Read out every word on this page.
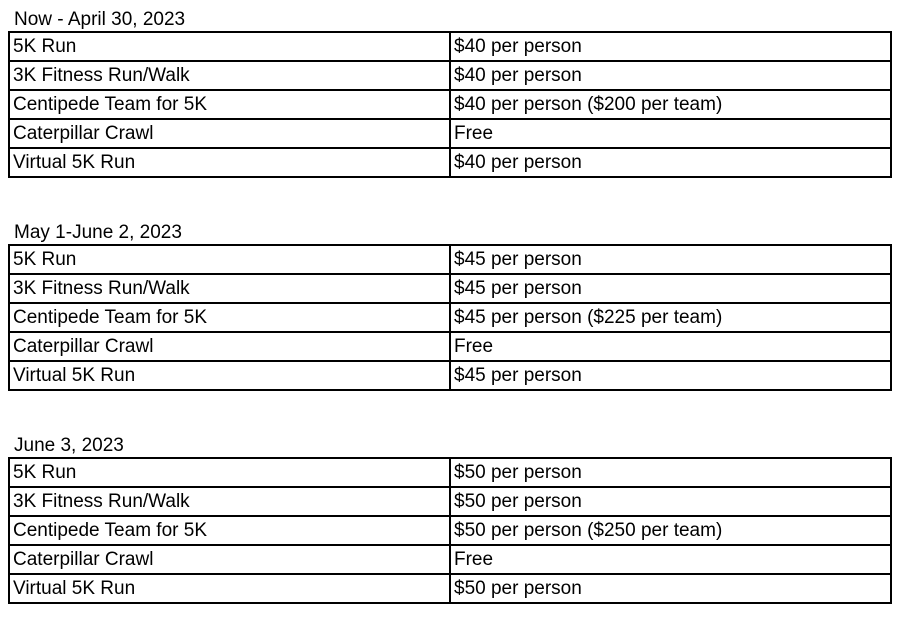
Now - April 30, 2023
5K Run	$40 per person
3K Fitness Run/Walk	$40 per person
Centipede Team for 5K	$40 per person ($200 per team)
Caterpillar Crawl	Free
Virtual 5K Run	$40 per person
May 1-June 2, 2023
5K Run	$45 per person
3K Fitness Run/Walk	$45 per person
Centipede Team for 5K	$45 per person ($225 per team)
Caterpillar Crawl	Free
Virtual 5K Run	$45 per person
June 3, 2023
5K Run	$50 per person
3K Fitness Run/Walk	$50 per person
Centipede Team for 5K	$50 per person ($250 per team)
Caterpillar Crawl	Free
Virtual 5K Run	$50 per person
